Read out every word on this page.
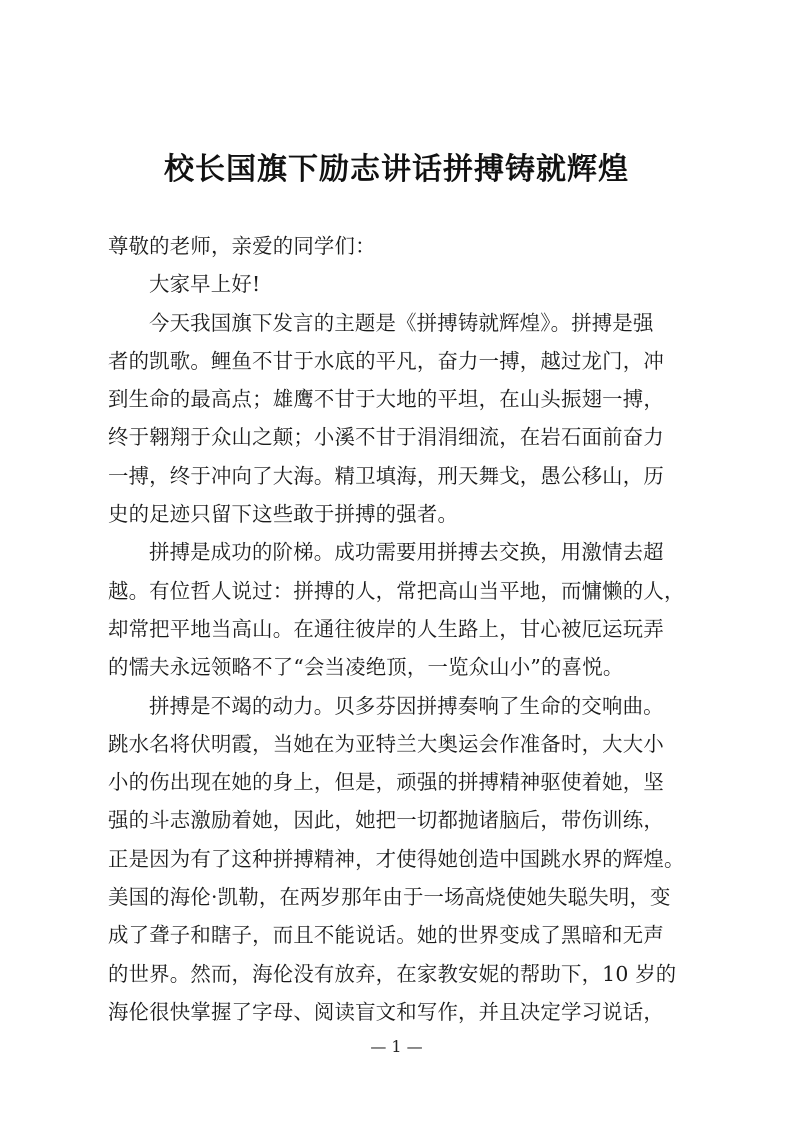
校长国旗下励志讲话拼搏铸就辉煌
尊敬的老师，亲爱的同学们：
大家早上好!
今天我国旗下发言的主题是《拼搏铸就辉煌》。拼搏是强
者的凯歌。鲤鱼不甘于水底的平凡，奋力一搏，越过龙门，冲
到生命的最高点；雄鹰不甘于大地的平坦，在山头振翅一搏，
终于翱翔于众山之颠；小溪不甘于涓涓细流，在岩石面前奋力
一搏，终于冲向了大海。精卫填海，刑天舞戈，愚公移山，历
史的足迹只留下这些敢于拼搏的强者。
拼搏是成功的阶梯。成功需要用拼搏去交换，用激情去超
越。有位哲人说过：拼搏的人，常把高山当平地，而慵懒的人，
却常把平地当高山。在通往彼岸的人生路上，甘心被厄运玩弄
的懦夫永远领略不了“会当凌绝顶，一览众山小”的喜悦。
拼搏是不竭的动力。贝多芬因拼搏奏响了生命的交响曲。
跳水名将伏明霞，当她在为亚特兰大奥运会作准备时，大大小
小的伤出现在她的身上，但是，顽强的拼搏精神驱使着她，坚
强的斗志激励着她，因此，她把一切都抛诸脑后，带伤训练，
正是因为有了这种拼搏精神，才使得她创造中国跳水界的辉煌。
美国的海伦·凯勒，在两岁那年由于一场高烧使她失聪失明，变
成了聋子和瞎子，而且不能说话。她的世界变成了黑暗和无声
的世界。然而，海伦没有放弃，在家教安妮的帮助下，10 岁的
海伦很快掌握了字母、阅读盲文和写作，并且决定学习说话，
— 1 —
